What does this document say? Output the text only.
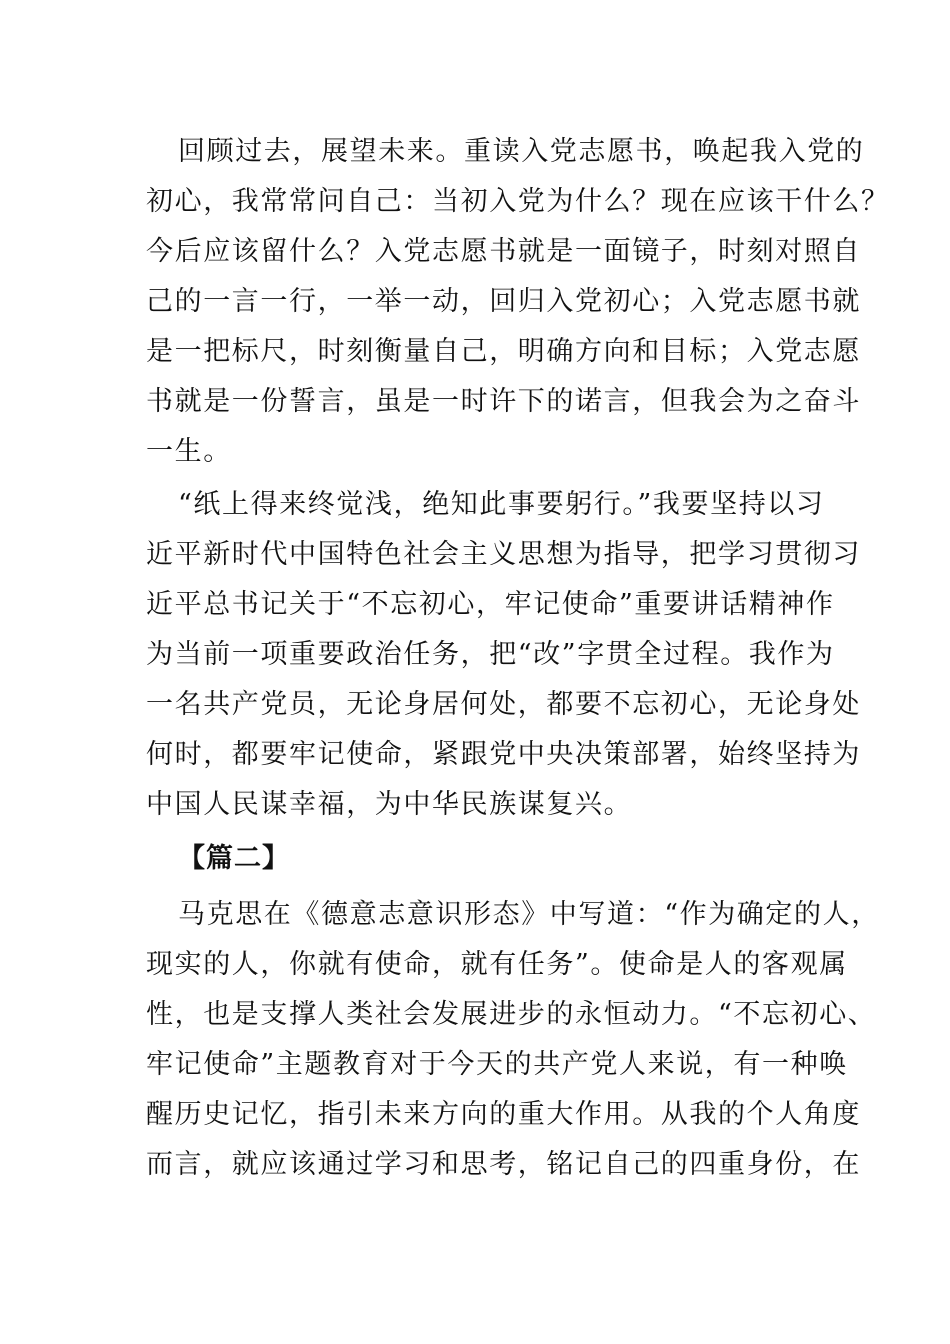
回顾过去，展望未来。重读入党志愿书，唤起我入党的
初心，我常常问自己：当初入党为什么？现在应该干什么？
今后应该留什么？入党志愿书就是一面镜子，时刻对照自
己的一言一行，一举一动，回归入党初心；入党志愿书就
是一把标尺，时刻衡量自己，明确方向和目标；入党志愿
书就是一份誓言，虽是一时许下的诺言，但我会为之奋斗
一生。
“纸上得来终觉浅，绝知此事要躬行。”我要坚持以习
近平新时代中国特色社会主义思想为指导，把学习贯彻习
近平总书记关于“不忘初心，牢记使命”重要讲话精神作
为当前一项重要政治任务，把“改”字贯全过程。我作为
一名共产党员，无论身居何处，都要不忘初心，无论身处
何时，都要牢记使命，紧跟党中央决策部署，始终坚持为
中国人民谋幸福，为中华民族谋复兴。
【篇二】
马克思在《德意志意识形态》中写道：“作为确定的人，
现实的人，你就有使命，就有任务”。使命是人的客观属
性，也是支撑人类社会发展进步的永恒动力。“不忘初心、
牢记使命”主题教育对于今天的共产党人来说，有一种唤
醒历史记忆，指引未来方向的重大作用。从我的个人角度
而言，就应该通过学习和思考，铭记自己的四重身份，在
